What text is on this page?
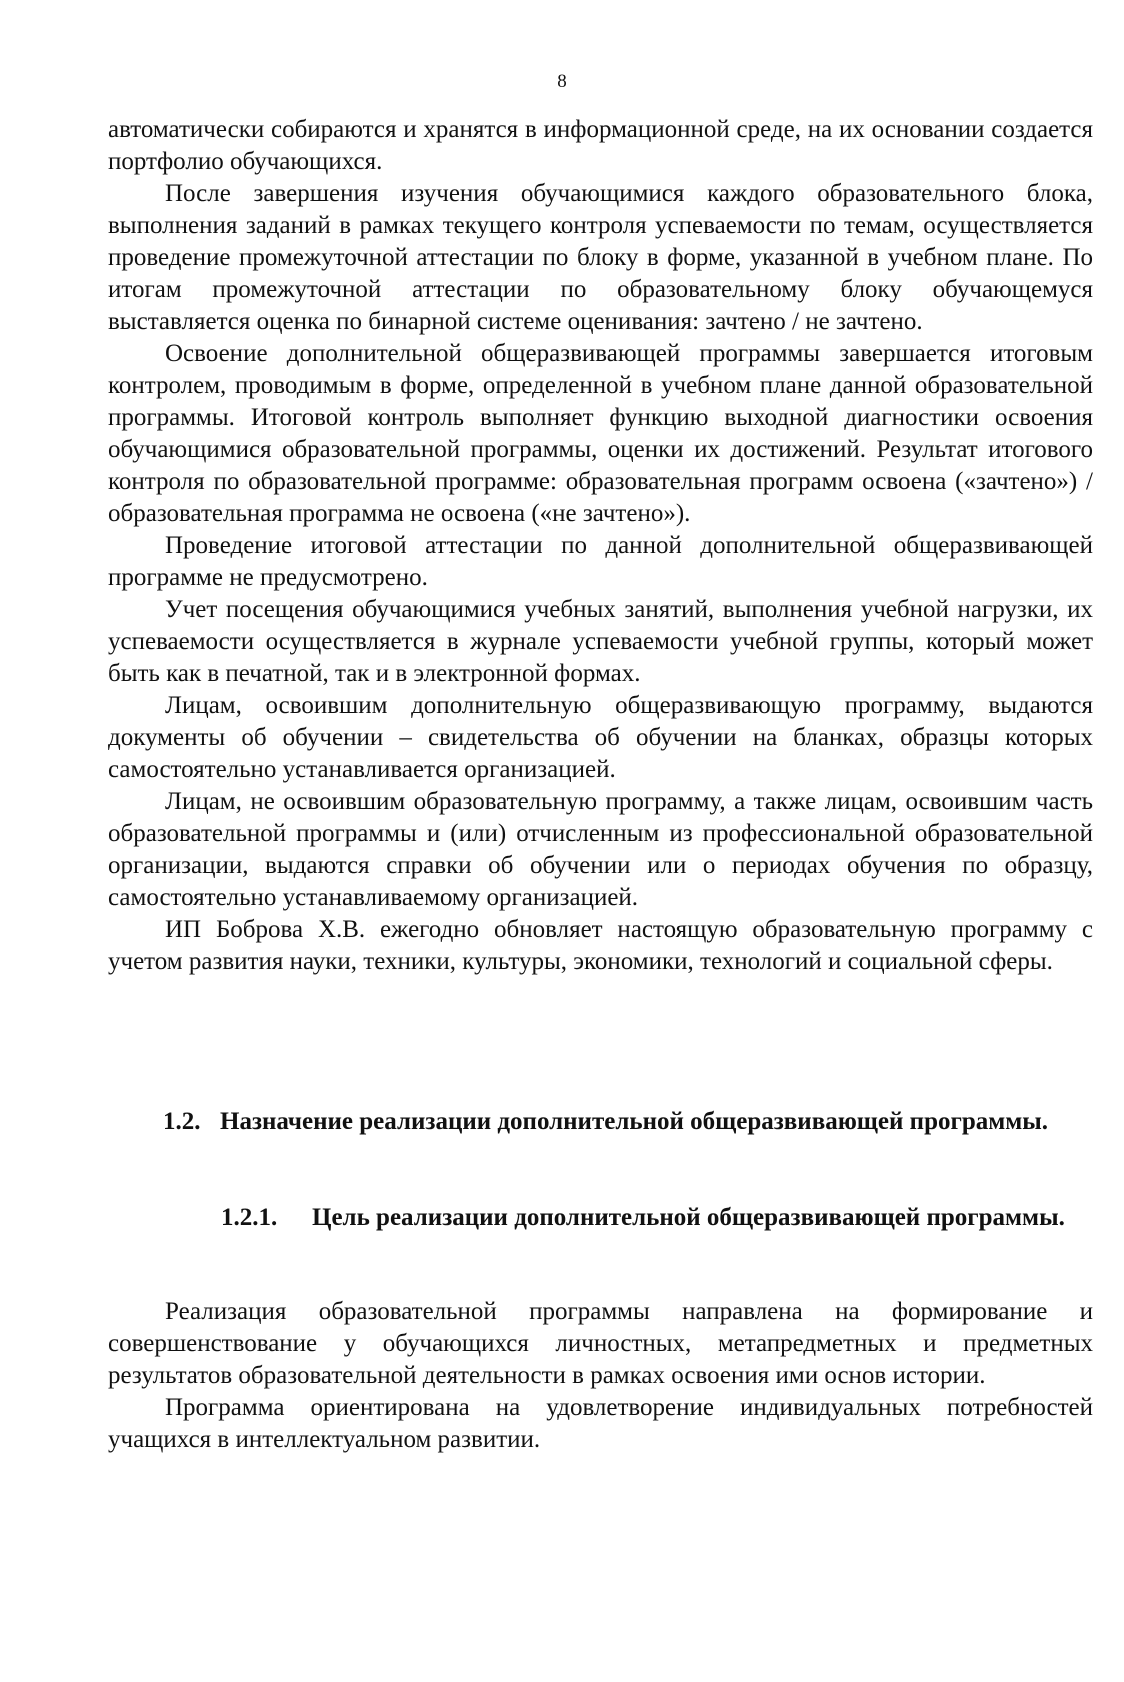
8

автоматически собираются и хранятся в информационной среде, на их основании создается портфолио обучающихся.

После завершения изучения обучающимися каждого образовательного блока, выполнения заданий в рамках текущего контроля успеваемости по темам, осуществляется проведение промежуточной аттестации по блоку в форме, указанной в учебном плане. По итогам промежуточной аттестации по образовательному блоку обучающемуся выставляется оценка по бинарной системе оценивания: зачтено / не зачтено.

Освоение дополнительной общеразвивающей программы завершается итоговым контролем, проводимым в форме, определенной в учебном плане данной образовательной программы. Итоговой контроль выполняет функцию выходной диагностики освоения обучающимися образовательной программы, оценки их достижений. Результат итогового контроля по образовательной программе: образовательная программ освоена («зачтено») / образовательная программа не освоена («не зачтено»).

Проведение итоговой аттестации по данной дополнительной общеразвивающей программе не предусмотрено.

Учет посещения обучающимися учебных занятий, выполнения учебной нагрузки, их успеваемости осуществляется в журнале успеваемости учебной группы, который может быть как в печатной, так и в электронной формах.

Лицам, освоившим дополнительную общеразвивающую программу, выдаются документы об обучении – свидетельства об обучении на бланках, образцы которых самостоятельно устанавливается организацией.

Лицам, не освоившим образовательную программу, а также лицам, освоившим часть образовательной программы и (или) отчисленным из профессиональной образовательной организации, выдаются справки об обучении или о периодах обучения по образцу, самостоятельно устанавливаемому организацией.

ИП Боброва Х.В. ежегодно обновляет настоящую образовательную программу с учетом развития науки, техники, культуры, экономики, технологий и социальной сферы.

1.2. Назначение реализации дополнительной общеразвивающей программы.
1.2.1. Цель реализации дополнительной общеразвивающей программы.

Реализация образовательной программы направлена на формирование и совершенствование у обучающихся личностных, метапредметных и предметных результатов образовательной деятельности в рамках освоения ими основ истории.

Программа ориентирована на удовлетворение индивидуальных потребностей учащихся в интеллектуальном развитии.
